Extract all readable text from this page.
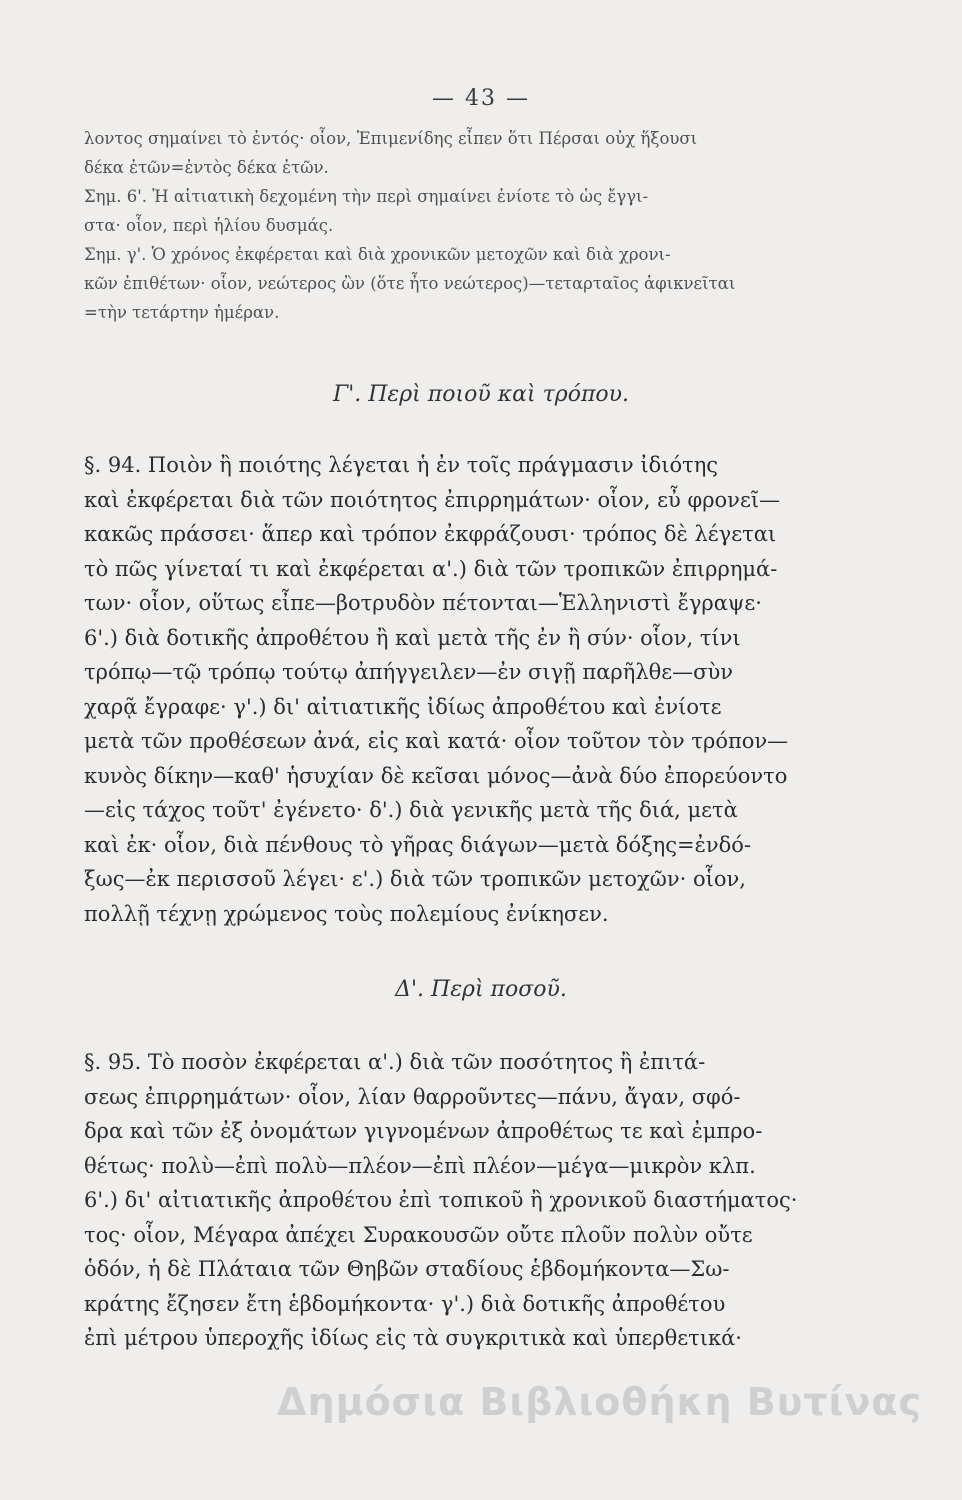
— 43 —
λοντος σημαίνει τὸ ἐντός· οἷον, Ἐπιμενίδης εἶπεν ὅτι Πέρσαι οὐχ ἥξουσι
δέκα ἐτῶν=ἐντὸς δέκα ἐτῶν.
Σημ. 6'. Ἡ αἰτιατικὴ δεχομένη τὴν περὶ σημαίνει ἐνίοτε τὸ ὡς ἔγγι-
στα· οἷον, περὶ ἡλίου δυσμάς.
Σημ. γ'. Ὁ χρόνος ἐκφέρεται καὶ διὰ χρονικῶν μετοχῶν καὶ διὰ χρονι-
κῶν ἐπιθέτων· οἷον, νεώτερος ὢν (ὅτε ἦτο νεώτερος)—τεταρταῖος ἀφικνεῖται
=τὴν τετάρτην ἡμέραν.
Γ'. Περὶ ποιοῦ καὶ τρόπου.
§. 94. Ποιὸν ἢ ποιότης λέγεται ἡ ἐν τοῖς πράγμασιν ἰδιότης
καὶ ἐκφέρεται διὰ τῶν ποιότητος ἐπιρρημάτων· οἷον, εὖ φρονεῖ—
κακῶς πράσσει· ἅπερ καὶ τρόπον ἐκφράζουσι· τρόπος δὲ λέγεται
τὸ πῶς γίνεταί τι καὶ ἐκφέρεται α'.) διὰ τῶν τροπικῶν ἐπιρρημά-
των· οἷον, οὕτως εἶπε—βοτρυδὸν πέτονται—Ἑλληνιστὶ ἔγραψε·
6'.) διὰ δοτικῆς ἀπροθέτου ἢ καὶ μετὰ τῆς ἐν ἢ σύν· οἷον, τίνι
τρόπῳ—τῷ τρόπῳ τούτῳ ἀπήγγειλεν—ἐν σιγῇ παρῆλθε—σὺν
χαρᾷ ἔγραφε· γ'.) δι' αἰτιατικῆς ἰδίως ἀπροθέτου καὶ ἐνίοτε
μετὰ τῶν προθέσεων ἀνά, εἰς καὶ κατά· οἷον τοῦτον τὸν τρόπον—
κυνὸς δίκην—καθ' ἡσυχίαν δὲ κεῖσαι μόνος—ἀνὰ δύο ἐπορεύοντο
—εἰς τάχος τοῦτ' ἐγένετο· δ'.) διὰ γενικῆς μετὰ τῆς διά, μετὰ
καὶ ἐκ· οἷον, διὰ πένθους τὸ γῆρας διάγων—μετὰ δόξης=ἐνδό-
ξως—ἐκ περισσοῦ λέγει· ε'.) διὰ τῶν τροπικῶν μετοχῶν· οἷον,
πολλῇ τέχνῃ χρώμενος τοὺς πολεμίους ἐνίκησεν.
Δ'. Περὶ ποσοῦ.
§. 95. Τὸ ποσὸν ἐκφέρεται α'.) διὰ τῶν ποσότητος ἢ ἐπιτά-
σεως ἐπιρρημάτων· οἷον, λίαν θαρροῦντες—πάνυ, ἄγαν, σφό-
δρα καὶ τῶν ἐξ ὀνομάτων γιγνομένων ἀπροθέτως τε καὶ ἐμπρο-
θέτως· πολὺ—ἐπὶ πολὺ—πλέον—ἐπὶ πλέον—μέγα—μικρὸν κλπ.
6'.) δι' αἰτιατικῆς ἀπροθέτου ἐπὶ τοπικοῦ ἢ χρονικοῦ διαστήματος·
τος· οἷον, Μέγαρα ἀπέχει Συρακουσῶν οὔτε πλοῦν πολὺν οὔτε
ὁδόν, ἡ δὲ Πλάταια τῶν Θηβῶν σταδίους ἑβδομήκοντα—Σω-
κράτης ἔζησεν ἔτη ἑβδομήκοντα· γ'.) διὰ δοτικῆς ἀπροθέτου
ἐπὶ μέτρου ὑπεροχῆς ἰδίως εἰς τὰ συγκριτικὰ καὶ ὑπερθετικά·
Δημόσια Βιβλιοθήκη Βυτίνας
